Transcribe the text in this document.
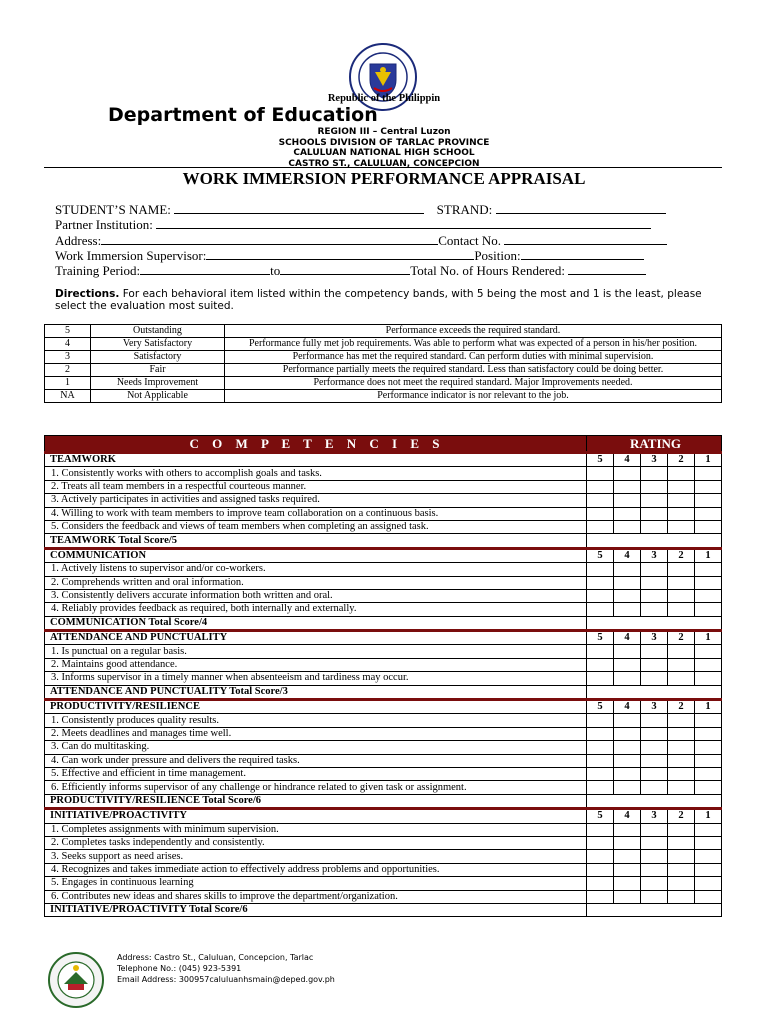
Republic of the Philippin
Department of Education
REGION III – Central Luzon
SCHOOLS DIVISION OF TARLAC PROVINCE
CALULUAN NATIONAL HIGH SCHOOL
CASTRO ST., CALULUAN, CONCEPCION
WORK IMMERSION PERFORMANCE APPRAISAL
STUDENT’S NAME:	STRAND:
Partner Institution:
Address:	Contact No.
Work Immersion Supervisor:	Position:
Training Period:	to	Total No. of Hours Rendered:
Directions. For each behavioral item listed within the competency bands, with 5 being the most and 1 is the least, please select the evaluation most suited.
5	Outstanding	Performance exceeds the required standard.
4	Very Satisfactory	Performance fully met job requirements. Was able to perform what was expected of a person in his/her position.
3	Satisfactory	Performance has met the required standard. Can perform duties with minimal supervision.
2	Fair	Performance partially meets the required standard. Less than satisfactory could be doing better.
1	Needs Improvement	Performance does not meet the required standard. Major Improvements needed.
NA	Not Applicable	Performance indicator is nor relevant to the job.
C O M P E T E N C I E S	RATING				
TEAMWORK	5	4	3	2	1
1. Consistently works with others to accomplish goals and tasks.					
2. Treats all team members in a respectful courteous manner.					
3. Actively participates in activities and assigned tasks required.					
4. Willing to work with team members to improve team collaboration on a continuous basis.					
5. Considers the feedback and views of team members when completing an assigned task.					
TEAMWORK Total Score/5					
COMMUNICATION	5	4	3	2	1
1. Actively listens to supervisor and/or co-workers.					
2. Comprehends written and oral information.					
3. Consistently delivers accurate information both written and oral.					
4. Reliably provides feedback as required, both internally and externally.					
COMMUNICATION Total Score/4					
ATTENDANCE AND PUNCTUALITY	5	4	3	2	1
1. Is punctual on a regular basis.					
2. Maintains good attendance.					
3. Informs supervisor in a timely manner when absenteeism and tardiness may occur.					
ATTENDANCE AND PUNCTUALITY Total Score/3					
PRODUCTIVITY/RESILIENCE	5	4	3	2	1
1. Consistently produces quality results.					
2. Meets deadlines and manages time well.					
3. Can do multitasking.					
4. Can work under pressure and delivers the required tasks.					
5. Effective and efficient in time management.					
6. Efficiently informs supervisor of any challenge or hindrance related to given task or assignment.					
PRODUCTIVITY/RESILIENCE Total Score/6					
INITIATIVE/PROACTIVITY	5	4	3	2	1
1. Completes assignments with minimum supervision.					
2. Completes tasks independently and consistently.					
3. Seeks support as need arises.					
4. Recognizes and takes immediate action to effectively address problems and opportunities.					
5. Engages in continuous learning					
6. Contributes new ideas and shares skills to improve the department/organization.					
INITIATIVE/PROACTIVITY Total Score/6					
Address: Castro St., Caluluan, Concepcion, Tarlac
Telephone No.: (045) 923-5391
Email Address: 300957caluluanhsmain@deped.gov.ph
